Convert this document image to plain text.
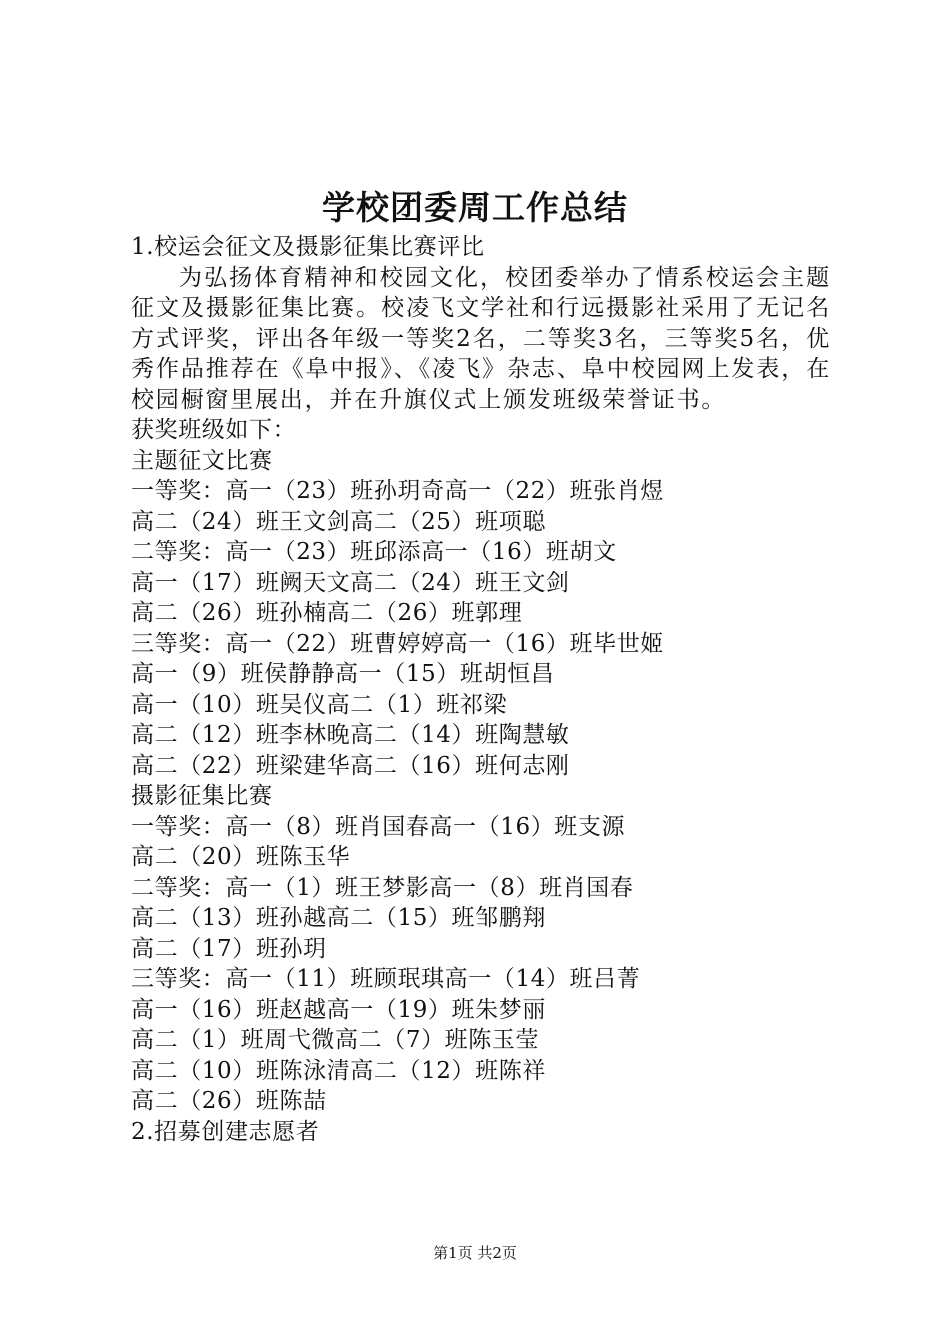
学校团委周工作总结

1.校运会征文及摄影征集比赛评比

为弘扬体育精神和校园文化，校团委举办了情系校运会主题征文及摄影征集比赛。校凌飞文学社和行远摄影社采用了无记名方式评奖，评出各年级一等奖2名，二等奖3名，三等奖5名，优秀作品推荐在《阜中报》、《凌飞》杂志、阜中校园网上发表，在校园橱窗里展出，并在升旗仪式上颁发班级荣誉证书。

获奖班级如下：

主题征文比赛

一等奖：高一（23）班孙玥奇高一（22）班张肖煜

高二（24）班王文剑高二（25）班项聪

二等奖：高一（23）班邱添高一（16）班胡文

高一（17）班阙天文高二（24）班王文剑

高二（26）班孙楠高二（26）班郭理

三等奖：高一（22）班曹婷婷高一（16）班毕世姬

高一（9）班侯静静高一（15）班胡恒昌

高一（10）班吴仪高二（1）班祁梁

高二（12）班李林晚高二（14）班陶慧敏

高二（22）班梁建华高二（16）班何志刚

摄影征集比赛

一等奖：高一（8）班肖国春高一（16）班支源

高二（20）班陈玉华

二等奖：高一（1）班王梦影高一（8）班肖国春

高二（13）班孙越高二（15）班邹鹏翔

高二（17）班孙玥

三等奖：高一（11）班顾珉琪高一（14）班吕菁

高一（16）班赵越高一（19）班朱梦丽

高二（1）班周弋微高二（7）班陈玉莹

高二（10）班陈泳清高二（12）班陈祥

高二（26）班陈喆

2.招募创建志愿者

第1页 共2页
